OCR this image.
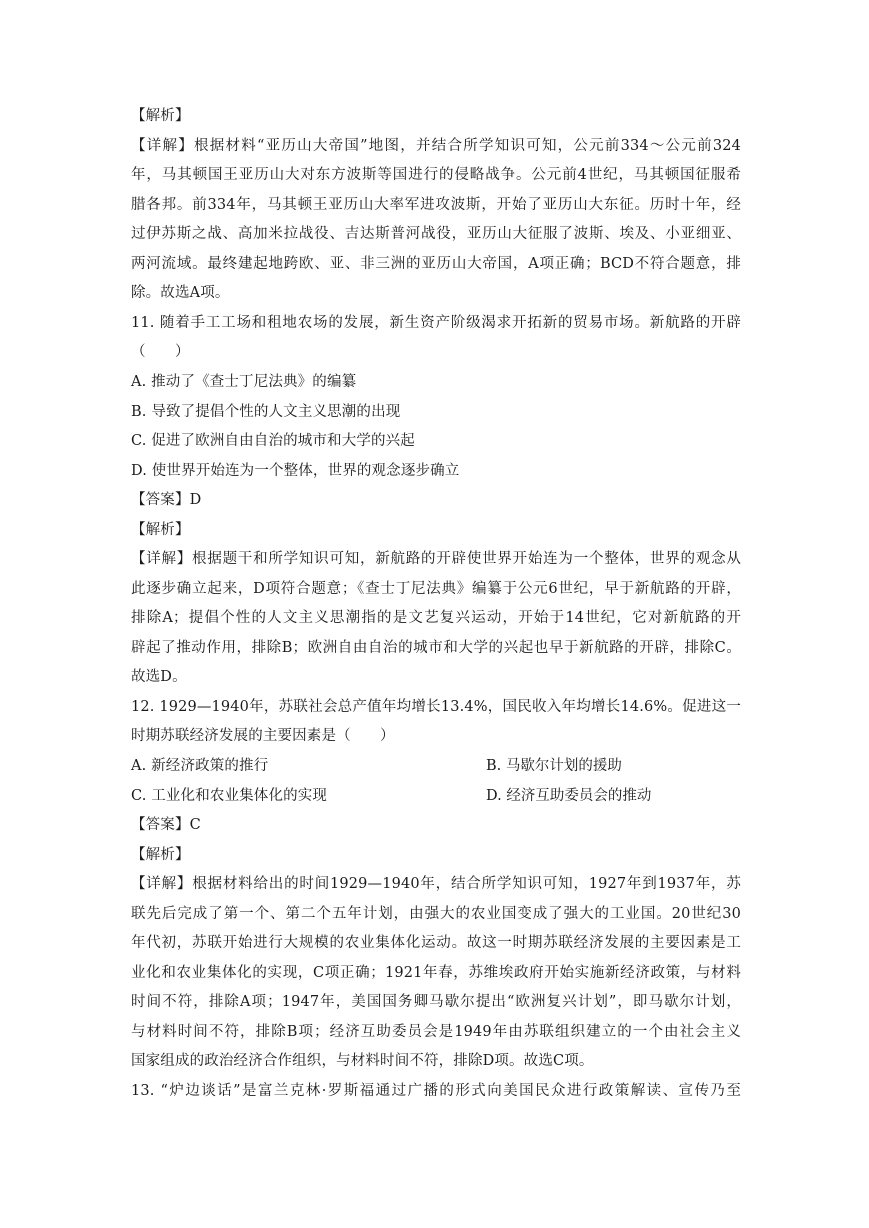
【解析】
【详解】根据材料“亚历山大帝国”地图，并结合所学知识可知，公元前334～公元前324
年，马其顿国王亚历山大对东方波斯等国进行的侵略战争。公元前4世纪，马其顿国征服希
腊各邦。前334年，马其顿王亚历山大率军进攻波斯，开始了亚历山大东征。历时十年，经
过伊苏斯之战、高加米拉战役、吉达斯普河战役，亚历山大征服了波斯、埃及、小亚细亚、
两河流域。最终建起地跨欧、亚、非三洲的亚历山大帝国，A项正确；BCD不符合题意，排
除。故选A项。
11. 随着手工工场和租地农场的发展，新生资产阶级渴求开拓新的贸易市场。新航路的开辟
（　　）
A. 推动了《查士丁尼法典》的编纂
B. 导致了提倡个性的人文主义思潮的出现
C. 促进了欧洲自由自治的城市和大学的兴起
D. 使世界开始连为一个整体，世界的观念逐步确立
【答案】D
【解析】
【详解】根据题干和所学知识可知，新航路的开辟使世界开始连为一个整体，世界的观念从
此逐步确立起来，D项符合题意；《查士丁尼法典》编纂于公元6世纪，早于新航路的开辟，
排除A；提倡个性的人文主义思潮指的是文艺复兴运动，开始于14世纪，它对新航路的开
辟起了推动作用，排除B；欧洲自由自治的城市和大学的兴起也早于新航路的开辟，排除C。
故选D。
12. 1929—1940年，苏联社会总产值年均增长13.4%，国民收入年均增长14.6%。促进这一
时期苏联经济发展的主要因素是（　　）
A. 新经济政策的推行
C. 工业化和农业集体化的实现
【答案】C
【解析】
【详解】根据材料给出的时间1929—1940年，结合所学知识可知，1927年到1937年，苏
联先后完成了第一个、第二个五年计划，由强大的农业国变成了强大的工业国。20世纪30
年代初，苏联开始进行大规模的农业集体化运动。故这一时期苏联经济发展的主要因素是工
业化和农业集体化的实现，C项正确；1921年春，苏维埃政府开始实施新经济政策，与材料
时间不符，排除A项；1947年，美国国务卿马歇尔提出“欧洲复兴计划”，即马歇尔计划，
与材料时间不符，排除B项；经济互助委员会是1949年由苏联组织建立的一个由社会主义
国家组成的政治经济合作组织，与材料时间不符，排除D项。故选C项。
13. “炉边谈话”是富兰克林·罗斯福通过广播的形式向美国民众进行政策解读、宣传乃至
B. 马歇尔计划的援助
D. 经济互助委员会的推动
